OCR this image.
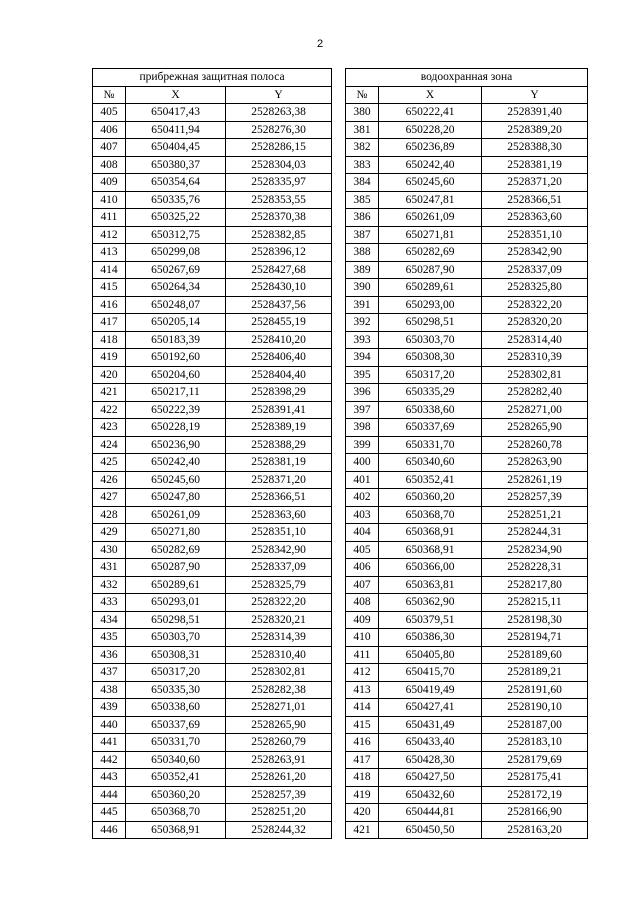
2
прибрежная защитная полоса		
№	X	Y
405	650417,43	2528263,38
406	650411,94	2528276,30
407	650404,45	2528286,15
408	650380,37	2528304,03
409	650354,64	2528335,97
410	650335,76	2528353,55
411	650325,22	2528370,38
412	650312,75	2528382,85
413	650299,08	2528396,12
414	650267,69	2528427,68
415	650264,34	2528430,10
416	650248,07	2528437,56
417	650205,14	2528455,19
418	650183,39	2528410,20
419	650192,60	2528406,40
420	650204,60	2528404,40
421	650217,11	2528398,29
422	650222,39	2528391,41
423	650228,19	2528389,19
424	650236,90	2528388,29
425	650242,40	2528381,19
426	650245,60	2528371,20
427	650247,80	2528366,51
428	650261,09	2528363,60
429	650271,80	2528351,10
430	650282,69	2528342,90
431	650287,90	2528337,09
432	650289,61	2528325,79
433	650293,01	2528322,20
434	650298,51	2528320,21
435	650303,70	2528314,39
436	650308,31	2528310,40
437	650317,20	2528302,81
438	650335,30	2528282,38
439	650338,60	2528271,01
440	650337,69	2528265,90
441	650331,70	2528260,79
442	650340,60	2528263,91
443	650352,41	2528261,20
444	650360,20	2528257,39
445	650368,70	2528251,20
446	650368,91	2528244,32
водоохранная зона		
№	X	Y
380	650222,41	2528391,40
381	650228,20	2528389,20
382	650236,89	2528388,30
383	650242,40	2528381,19
384	650245,60	2528371,20
385	650247,81	2528366,51
386	650261,09	2528363,60
387	650271,81	2528351,10
388	650282,69	2528342,90
389	650287,90	2528337,09
390	650289,61	2528325,80
391	650293,00	2528322,20
392	650298,51	2528320,20
393	650303,70	2528314,40
394	650308,30	2528310,39
395	650317,20	2528302,81
396	650335,29	2528282,40
397	650338,60	2528271,00
398	650337,69	2528265,90
399	650331,70	2528260,78
400	650340,60	2528263,90
401	650352,41	2528261,19
402	650360,20	2528257,39
403	650368,70	2528251,21
404	650368,91	2528244,31
405	650368,91	2528234,90
406	650366,00	2528228,31
407	650363,81	2528217,80
408	650362,90	2528215,11
409	650379,51	2528198,30
410	650386,30	2528194,71
411	650405,80	2528189,60
412	650415,70	2528189,21
413	650419,49	2528191,60
414	650427,41	2528190,10
415	650431,49	2528187,00
416	650433,40	2528183,10
417	650428,30	2528179,69
418	650427,50	2528175,41
419	650432,60	2528172,19
420	650444,81	2528166,90
421	650450,50	2528163,20
